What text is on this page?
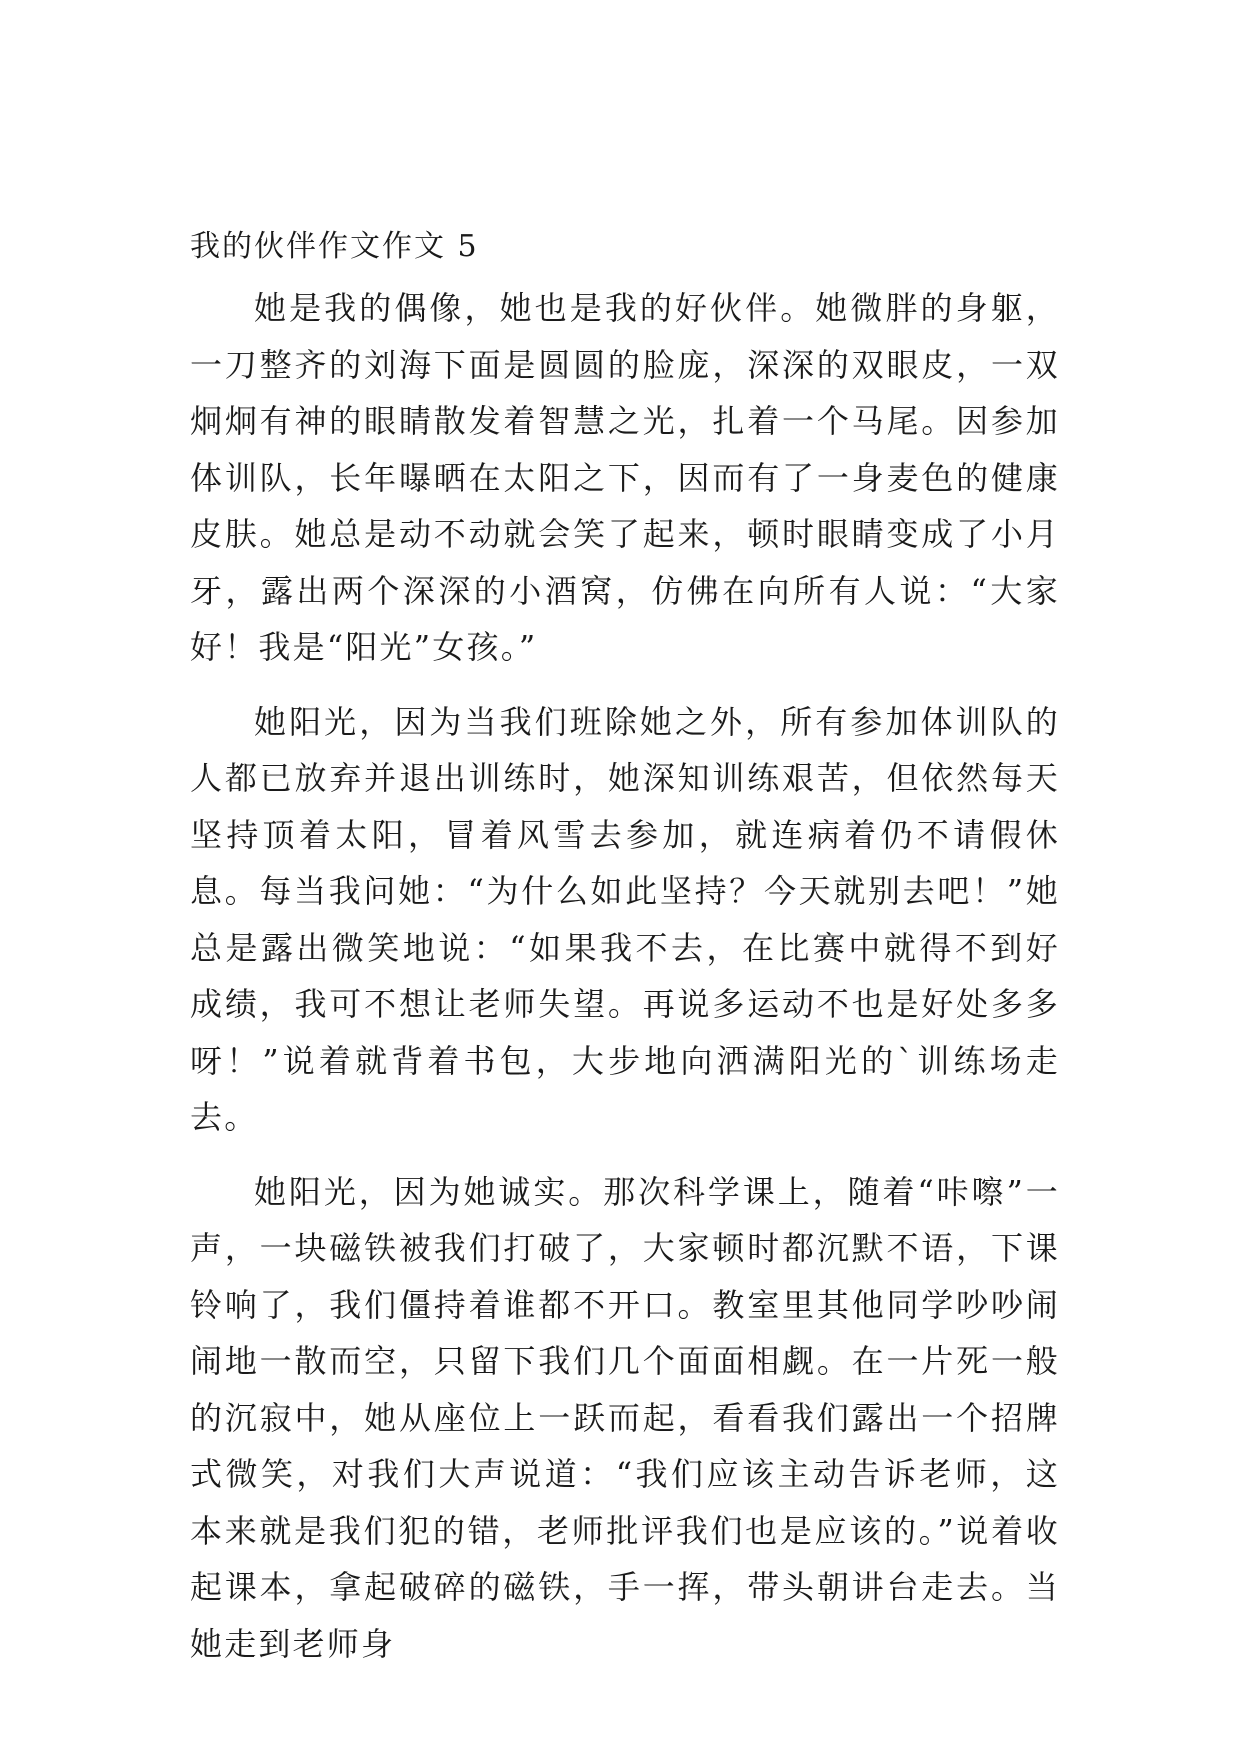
我的伙伴作文作文 5

她是我的偶像，她也是我的好伙伴。她微胖的身躯，一刀整齐的刘海下面是圆圆的脸庞，深深的双眼皮，一双炯炯有神的眼睛散发着智慧之光，扎着一个马尾。因参加体训队，长年曝晒在太阳之下，因而有了一身麦色的健康皮肤。她总是动不动就会笑了起来，顿时眼睛变成了小月牙，露出两个深深的小酒窝，仿佛在向所有人说：“大家好！我是“阳光”女孩。”

她阳光，因为当我们班除她之外，所有参加体训队的人都已放弃并退出训练时，她深知训练艰苦，但依然每天坚持顶着太阳，冒着风雪去参加，就连病着仍不请假休息。每当我问她：“为什么如此坚持？今天就别去吧！”她总是露出微笑地说：“如果我不去，在比赛中就得不到好成绩，我可不想让老师失望。再说多运动不也是好处多多呀！”说着就背着书包，大步地向洒满阳光的`训练场走去。

她阳光，因为她诚实。那次科学课上，随着“咔嚓”一声，一块磁铁被我们打破了，大家顿时都沉默不语，下课铃响了，我们僵持着谁都不开口。教室里其他同学吵吵闹闹地一散而空，只留下我们几个面面相觑。在一片死一般的沉寂中，她从座位上一跃而起，看看我们露出一个招牌式微笑，对我们大声说道：“我们应该主动告诉老师，这本来就是我们犯的错，老师批评我们也是应该的。”说着收起课本，拿起破碎的磁铁，手一挥，带头朝讲台走去。当她走到老师身
